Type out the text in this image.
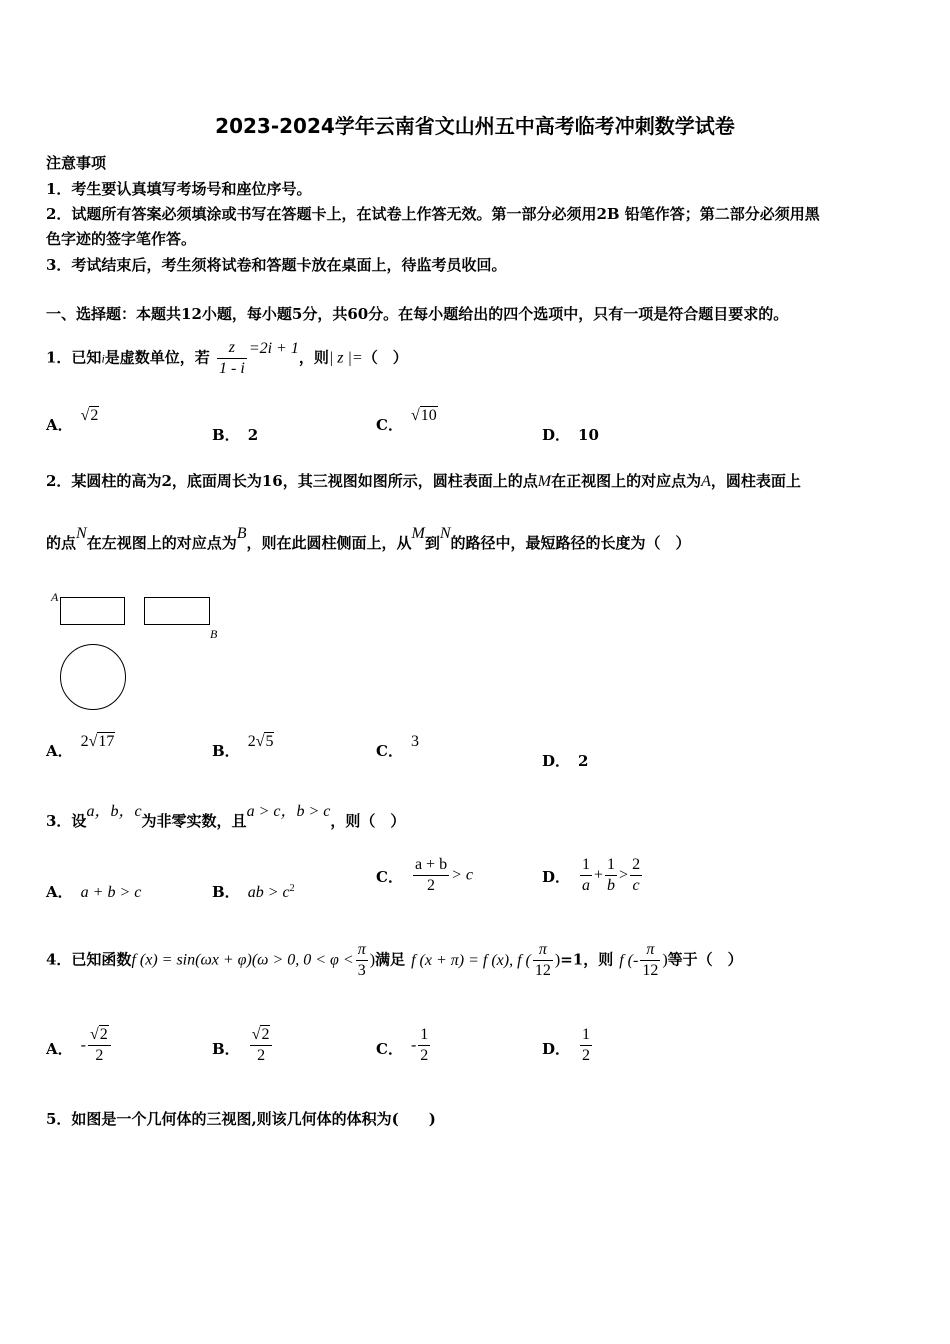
2023-2024学年云南省文山州五中高考临考冲刺数学试卷
注意事项
1．考生要认真填写考场号和座位序号。
2．试题所有答案必须填涂或书写在答题卡上，在试卷上作答无效。第一部分必须用2B 铅笔作答；第二部分必须用黑
色字迹的签字笔作答。
3．考试结束后，考生须将试卷和答题卡放在桌面上，待监考员收回。
一、选择题：本题共12小题，每小题5分，共60分。在每小题给出的四个选项中，只有一项是符合题目要求的。
1．已知i是虚数单位，若 $\frac{z}{1 - i} =2i + 1$，则| z |=（　）
A．√2
B． 2
C．√10
D． 10
2．某圆柱的高为2，底面周长为16，其三视图如图所示，圆柱表面上的点M在正视图上的对应点为A，圆柱表面上
的点N在左视图上的对应点为B，则在此圆柱侧面上，从M到N的路径中，最短路径的长度为（　）
A
B
A．2√17
B．2√5
C．3
D． 2
3．设a，b，c为非零实数，且a > c，b > c，则（　）
A． a + b > c	B． ab > $c^2$
C． $\frac{a + b}{2} > c$	D． $\frac{1}{a} + \frac{1}{b} > \frac{2}{c}$
4．已知函数f (x) = sin(ωx + φ)(ω > 0, $0 < \varphi < \frac{\pi}{3}$ )满足 f (x + π) = f (x), f ( $\frac{\pi}{12} )=1$，则 f (- $\frac{\pi}{12}$ )等于（　）
A． - $\frac{√2}{2}$	B． $\frac{√2}{2}$	C． - $\frac{1}{2}$	D． $\frac{1}{2}$
5．如图是一个几何体的三视图,则该几何体的体积为(　　)
